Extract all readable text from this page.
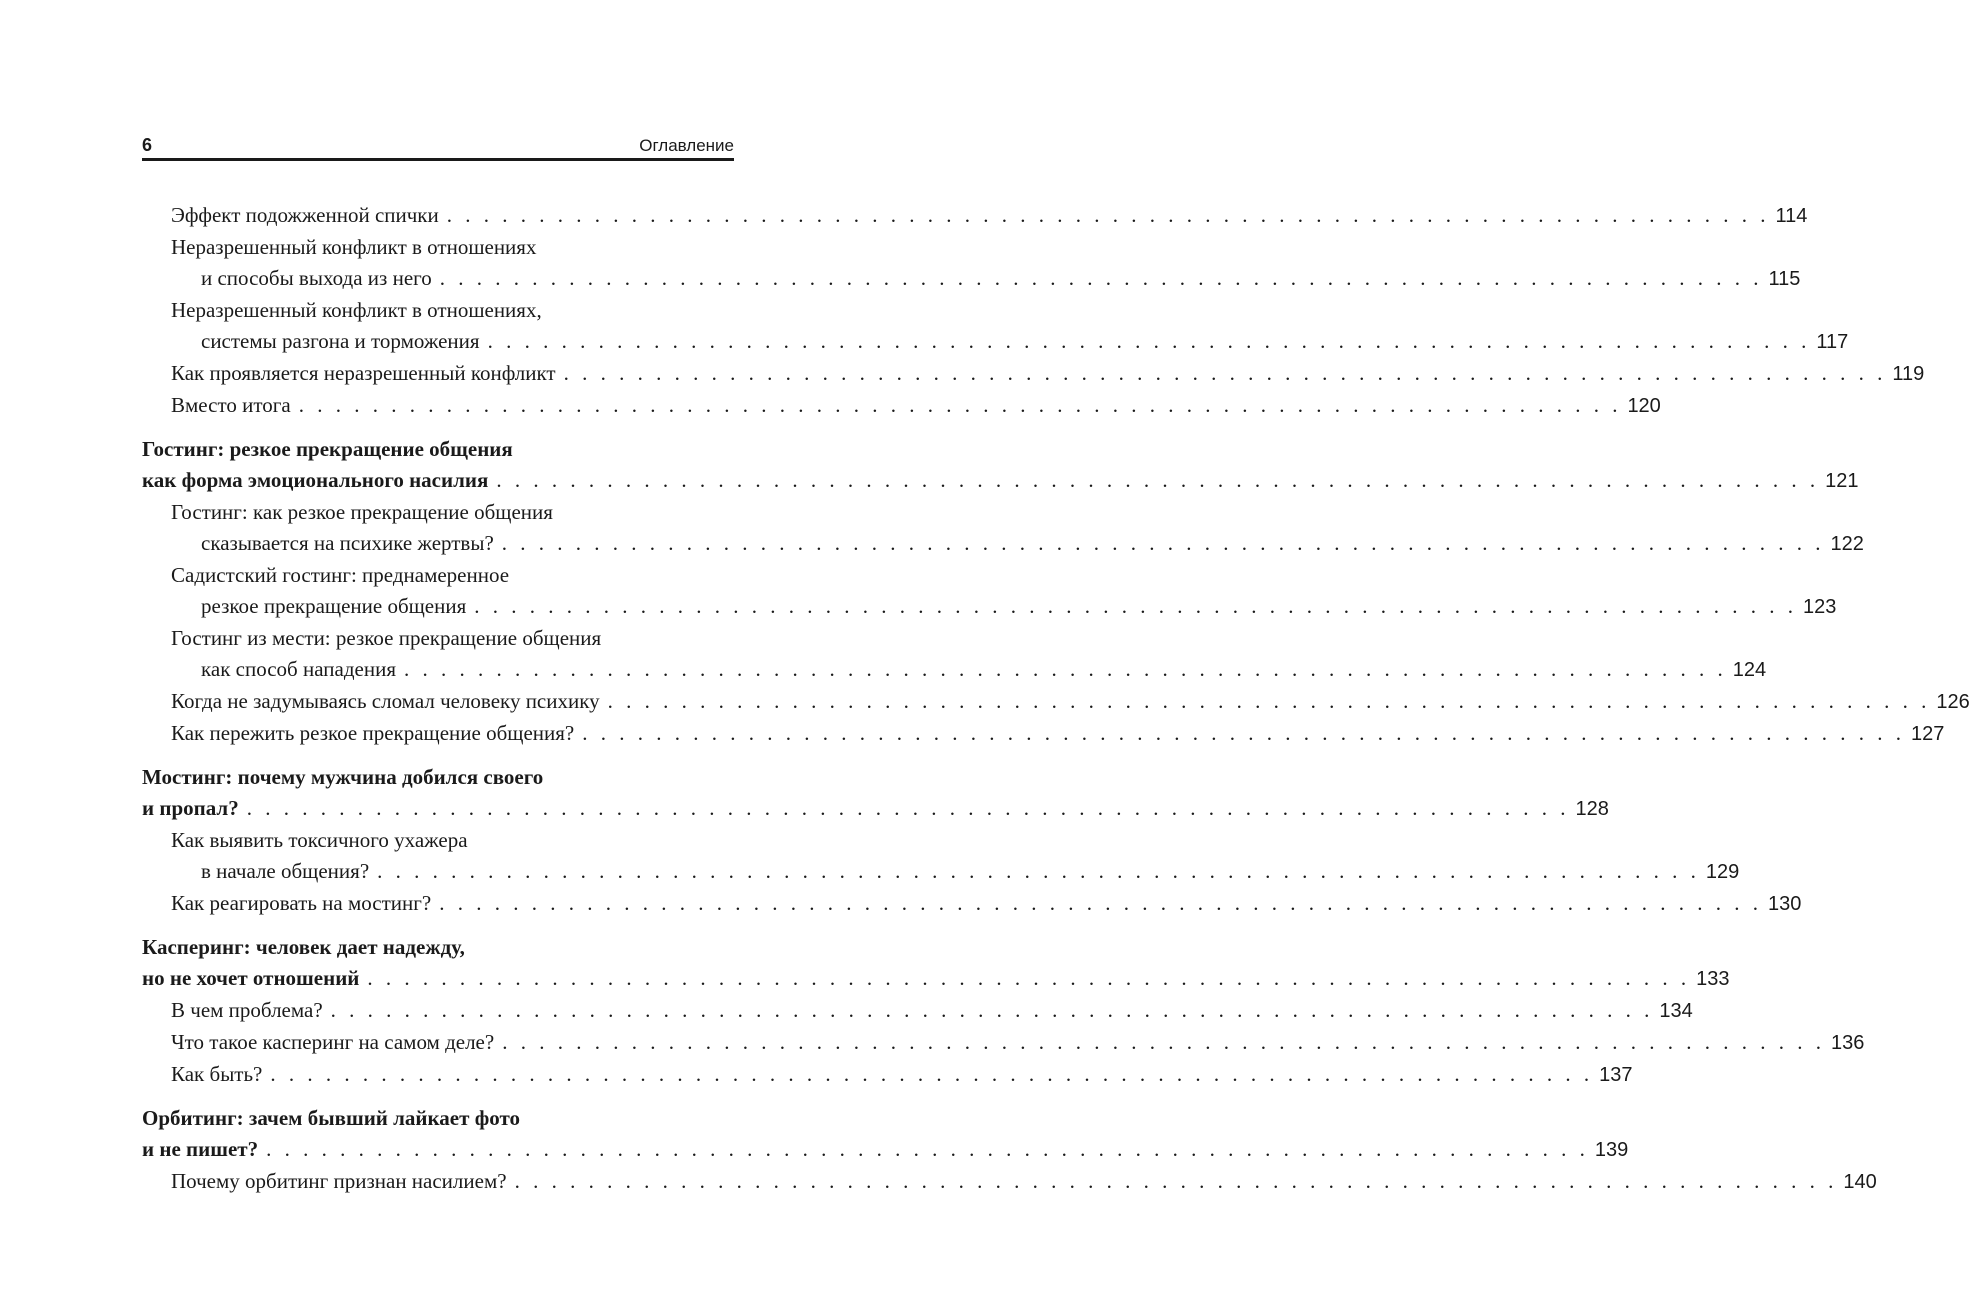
6	Оглавление
Эффект подожженной спички . . .	114
Неразрешенный конфликт в отношениях
и способы выхода из него . . .	115
Неразрешенный конфликт в отношениях,
системы разгона и торможения . . .	117
Как проявляется неразрешенный конфликт . . .	119
Вместо итога . . .	120
Гостинг: резкое прекращение общения
как форма эмоционального насилия . . .	121
Гостинг: как резкое прекращение общения
сказывается на психике жертвы? . . .	122
Садистский гостинг: преднамеренное
резкое прекращение общения . . .	123
Гостинг из мести: резкое прекращение общения
как способ нападения . . .	124
Когда не задумываясь сломал человеку психику . . .	126
Как пережить резкое прекращение общения? . . .	127
Мостинг: почему мужчина добился своего
и пропал? . . .	128
Как выявить токсичного ухажера
в начале общения? . . .	129
Как реагировать на мостинг? . . .	130
Касперинг: человек дает надежду,
но не хочет отношений . . .	133
В чем проблема? . . .	134
Что такое касперинг на самом деле? . . .	136
Как быть? . . .	137
Орбитинг: зачем бывший лайкает фото
и не пишет? . . .	139
Почему орбитинг признан насилием? . . .	140
